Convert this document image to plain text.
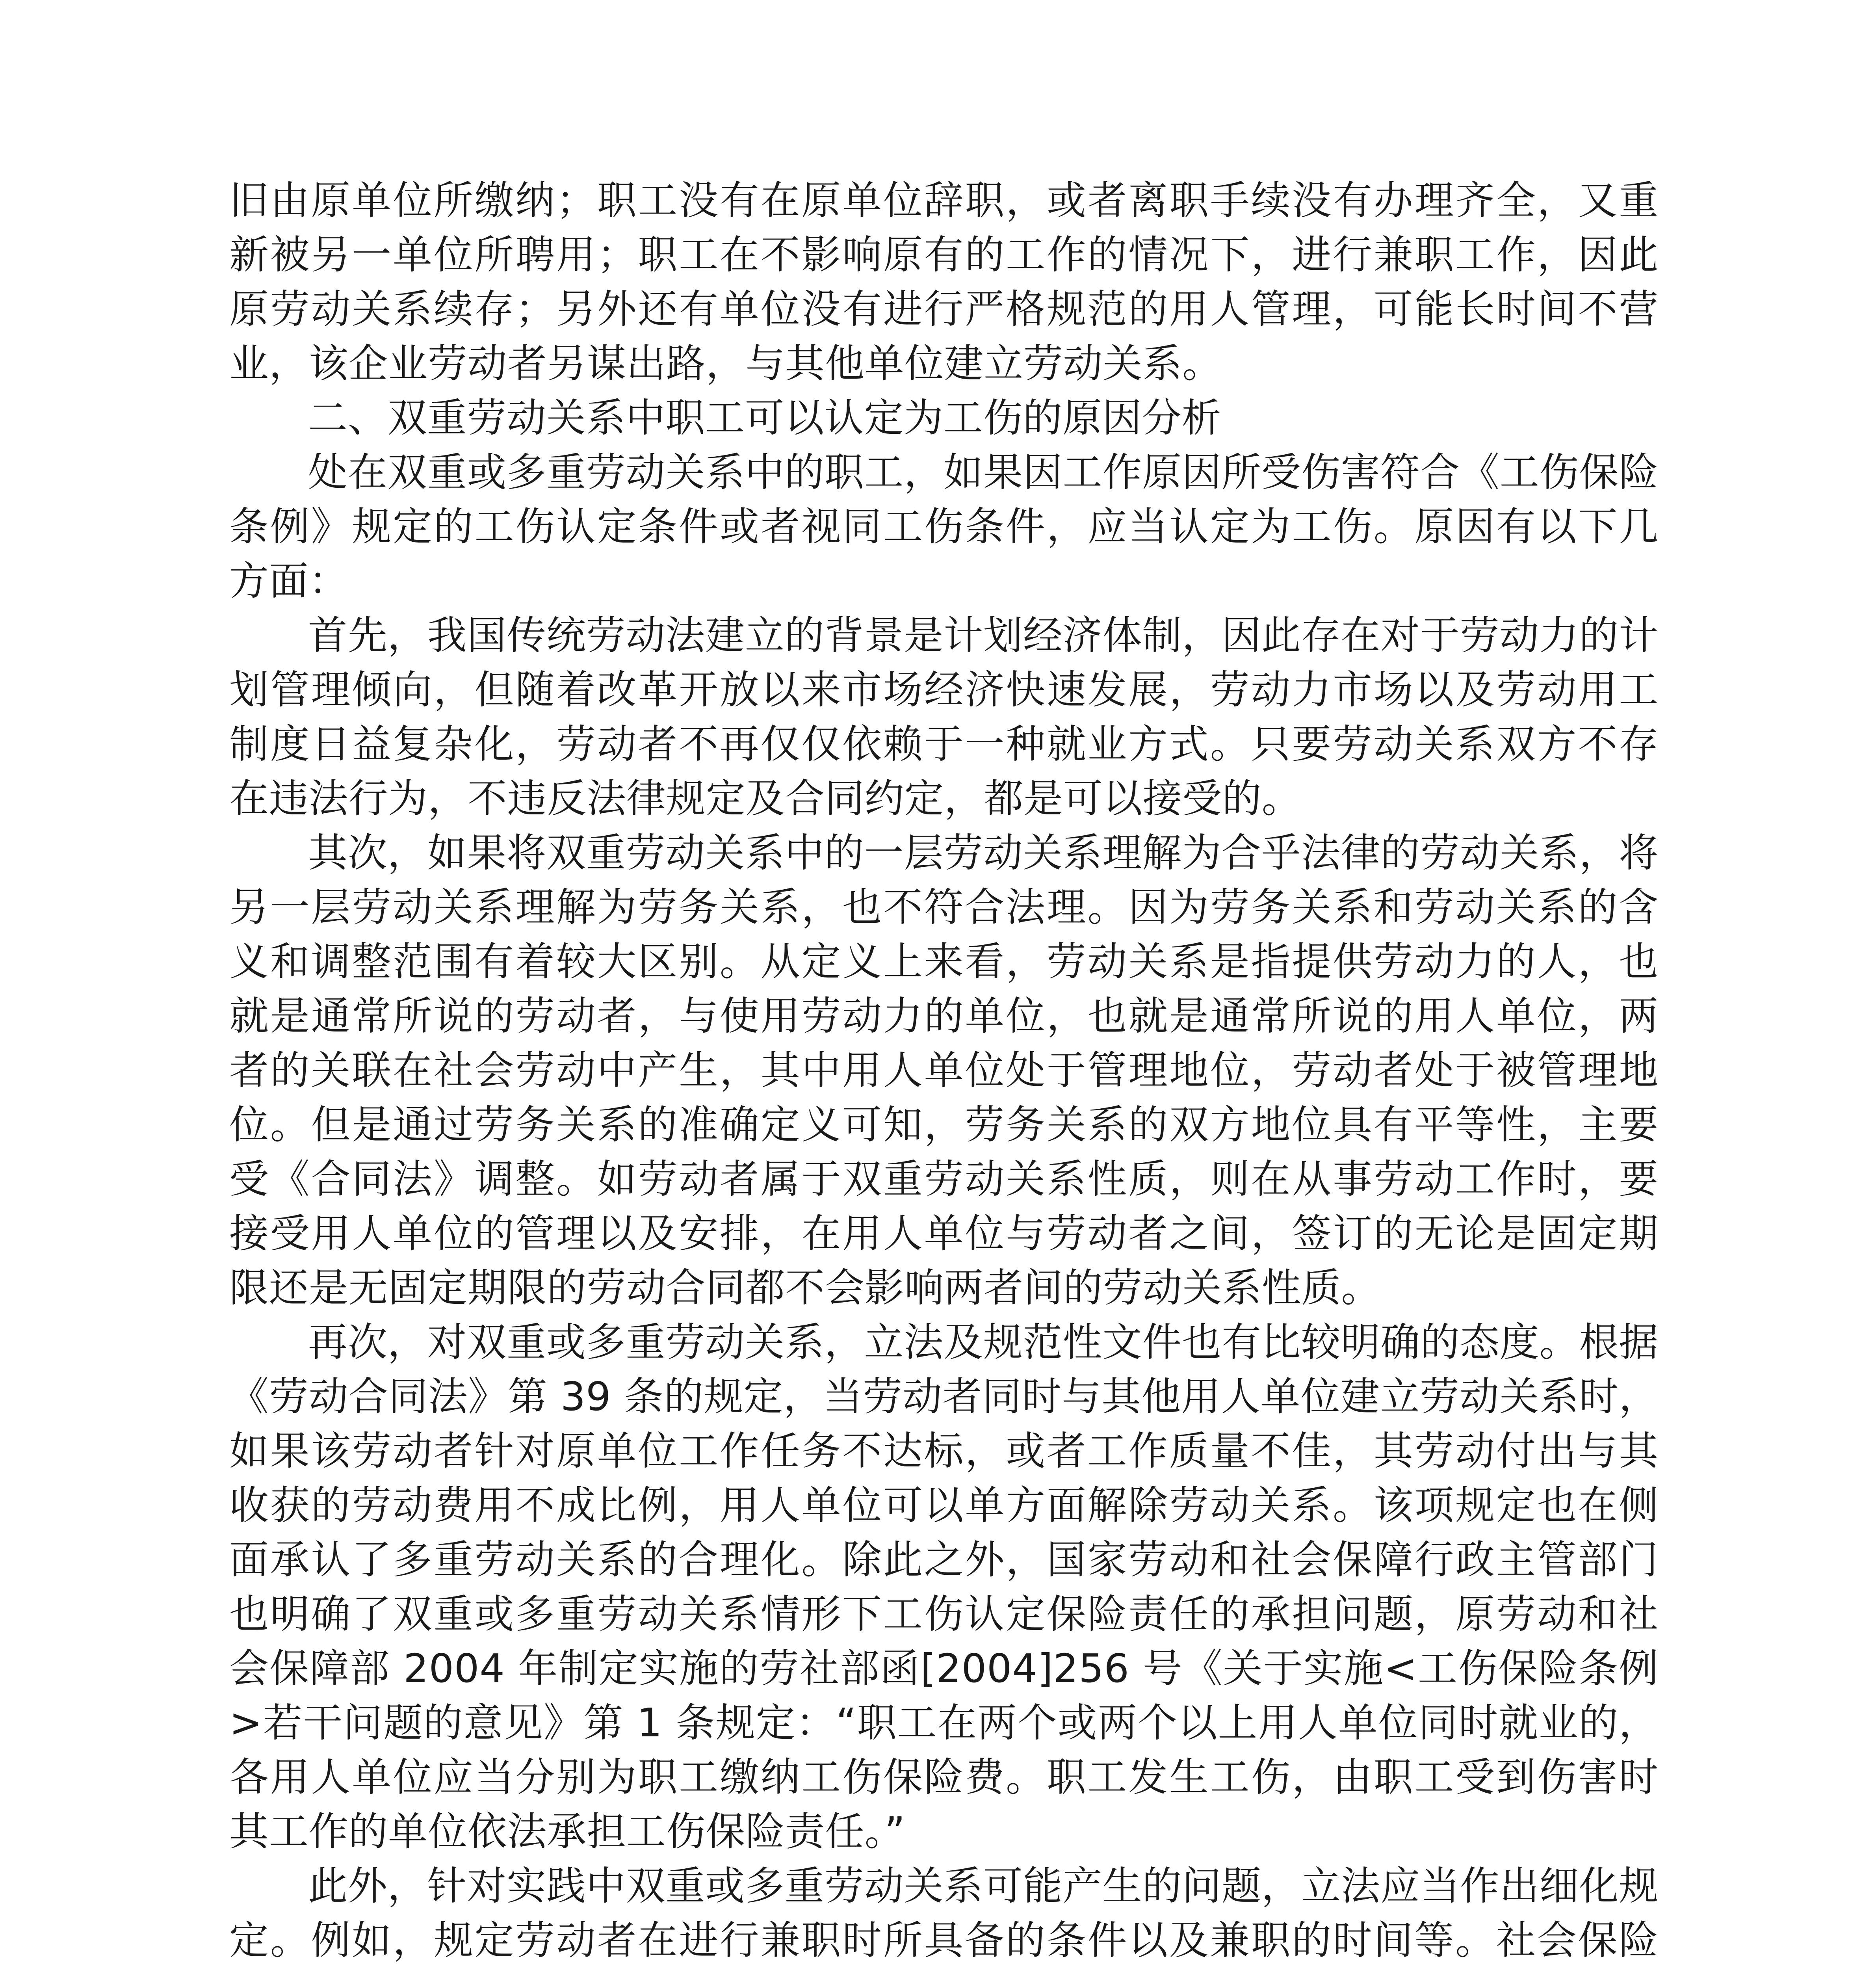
旧由原单位所缴纳；职工没有在原单位辞职，或者离职手续没有办理齐全，又重新被另一单位所聘用；职工在不影响原有的工作的情况下，进行兼职工作，因此原劳动关系续存；另外还有单位没有进行严格规范的用人管理，可能长时间不营业，该企业劳动者另谋出路，与其他单位建立劳动关系。

二、双重劳动关系中职工可以认定为工伤的原因分析

处在双重或多重劳动关系中的职工，如果因工作原因所受伤害符合《工伤保险条例》规定的工伤认定条件或者视同工伤条件，应当认定为工伤。原因有以下几方面：

首先，我国传统劳动法建立的背景是计划经济体制，因此存在对于劳动力的计划管理倾向，但随着改革开放以来市场经济快速发展，劳动力市场以及劳动用工制度日益复杂化，劳动者不再仅仅依赖于一种就业方式。只要劳动关系双方不存在违法行为，不违反法律规定及合同约定，都是可以接受的。

其次，如果将双重劳动关系中的一层劳动关系理解为合乎法律的劳动关系，将另一层劳动关系理解为劳务关系，也不符合法理。因为劳务关系和劳动关系的含义和调整范围有着较大区别。从定义上来看，劳动关系是指提供劳动力的人，也就是通常所说的劳动者，与使用劳动力的单位，也就是通常所说的用人单位，两者的关联在社会劳动中产生，其中用人单位处于管理地位，劳动者处于被管理地位。但是通过劳务关系的准确定义可知，劳务关系的双方地位具有平等性，主要受《合同法》调整。如劳动者属于双重劳动关系性质，则在从事劳动工作时，要接受用人单位的管理以及安排，在用人单位与劳动者之间，签订的无论是固定期限还是无固定期限的劳动合同都不会影响两者间的劳动关系性质。

再次，对双重或多重劳动关系，立法及规范性文件也有比较明确的态度。根据《劳动合同法》第 39 条的规定，当劳动者同时与其他用人单位建立劳动关系时，如果该劳动者针对原单位工作任务不达标，或者工作质量不佳，其劳动付出与其收获的劳动费用不成比例，用人单位可以单方面解除劳动关系。该项规定也在侧面承认了多重劳动关系的合理化。除此之外，国家劳动和社会保障行政主管部门也明确了双重或多重劳动关系情形下工伤认定保险责任的承担问题，原劳动和社会保障部 2004 年制定实施的劳社部函[2004]256 号《关于实施<工伤保险条例>若干问题的意见》第 1 条规定：“职工在两个或两个以上用人单位同时就业的，各用人单位应当分别为职工缴纳工伤保险费。职工发生工伤，由职工受到伤害时其工作的单位依法承担工伤保险责任。”

此外，针对实践中双重或多重劳动关系可能产生的问题，立法应当作出细化规定。例如，规定劳动者在进行兼职时所具备的条件以及兼职的时间等。社会保险
